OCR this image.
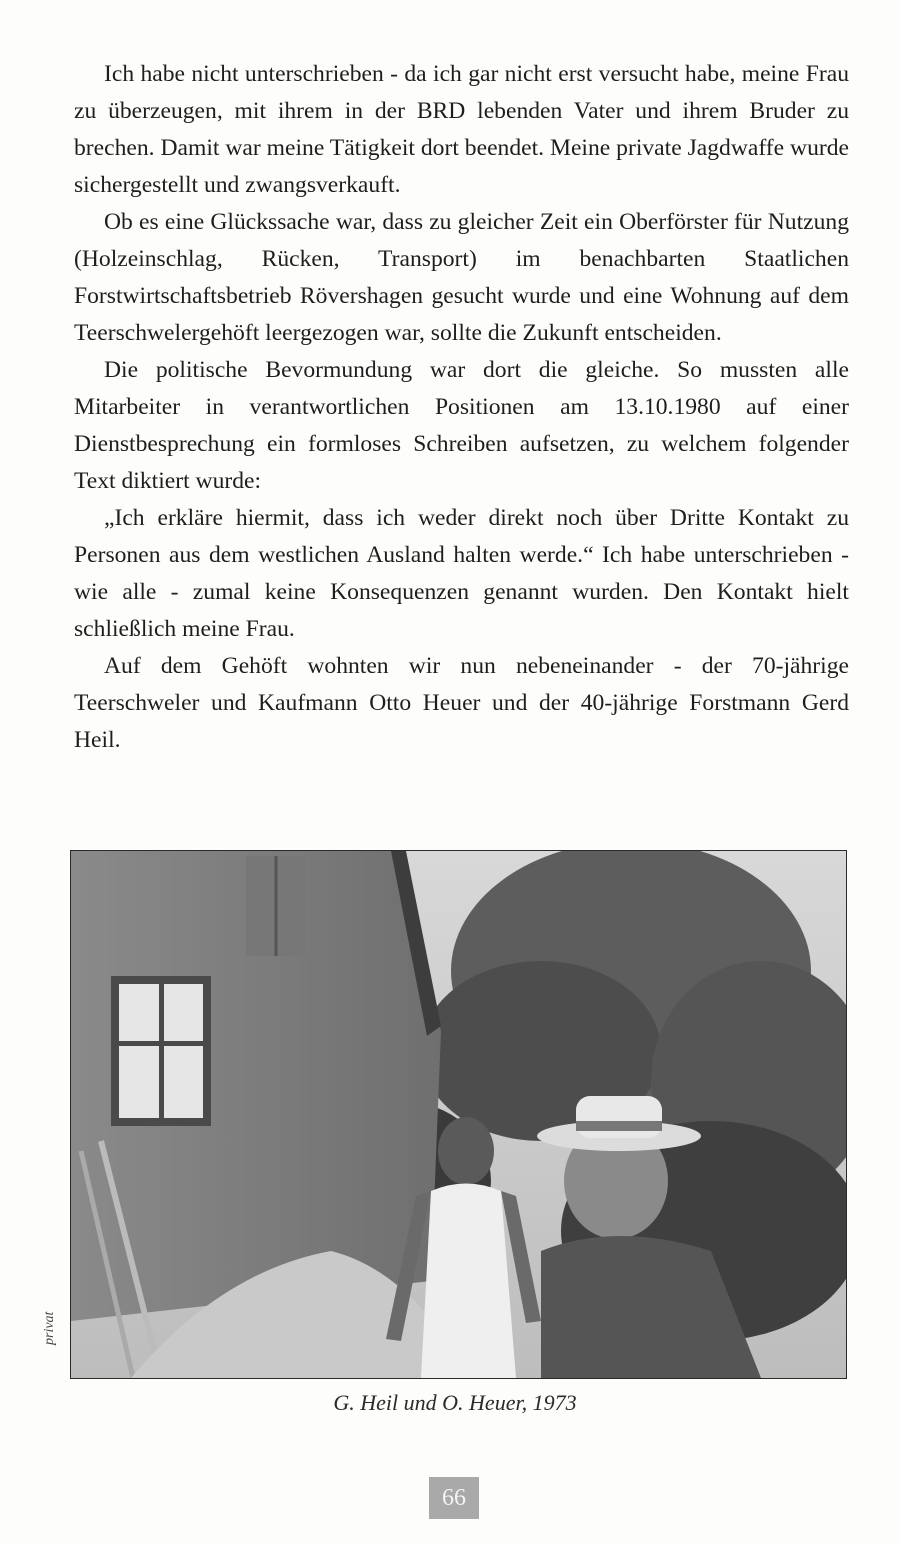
Ich habe nicht unterschrieben - da ich gar nicht erst versucht habe, meine Frau zu überzeugen, mit ihrem in der BRD lebenden Vater und ihrem Bruder zu brechen. Damit war meine Tätigkeit dort beendet. Meine private Jagdwaffe wurde sichergestellt und zwangsverkauft.

Ob es eine Glückssache war, dass zu gleicher Zeit ein Oberförster für Nutzung (Holzeinschlag, Rücken, Transport) im benachbarten Staatlichen Forstwirtschaftsbetrieb Rövershagen gesucht wurde und eine Wohnung auf dem Teerschwelergehöft leergezogen war, sollte die Zukunft entscheiden.

Die politische Bevormundung war dort die gleiche. So mussten alle Mitarbeiter in verantwortlichen Positionen am 13.10.1980 auf einer Dienstbesprechung ein formloses Schreiben aufsetzen, zu welchem folgender Text diktiert wurde:

„Ich erkläre hiermit, dass ich weder direkt noch über Dritte Kontakt zu Personen aus dem westlichen Ausland halten werde.“ Ich habe unterschrieben - wie alle - zumal keine Konsequenzen genannt wurden. Den Kontakt hielt schließlich meine Frau.

Auf dem Gehöft wohnten wir nun nebeneinander - der 70-jährige Teerschweler und Kaufmann Otto Heuer und der 40-jährige Forstmann Gerd Heil.

privat
G. Heil und O. Heuer, 1973
66
